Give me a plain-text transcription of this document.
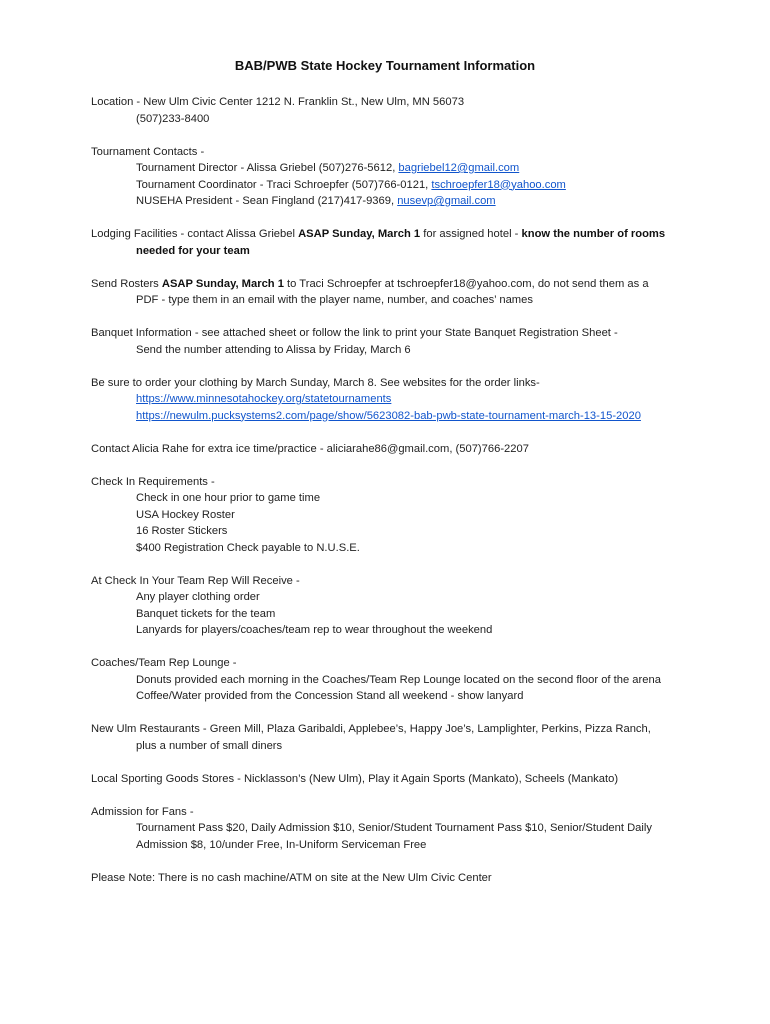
BAB/PWB State Hockey Tournament Information
Location - New Ulm Civic Center 1212 N. Franklin St., New Ulm, MN 56073
(507)233-8400
Tournament Contacts -
Tournament Director - Alissa Griebel (507)276-5612, bagriebel12@gmail.com
Tournament Coordinator - Traci Schroepfer (507)766-0121, tschroepfer18@yahoo.com
NUSEHA President - Sean Fingland (217)417-9369, nusevp@gmail.com
Lodging Facilities - contact Alissa Griebel ASAP Sunday, March 1 for assigned hotel - know the number of rooms
needed for your team
Send Rosters ASAP Sunday, March 1 to Traci Schroepfer at tschroepfer18@yahoo.com, do not send them as a
PDF - type them in an email with the player name, number, and coaches’ names
Banquet Information - see attached sheet or follow the link to print your State Banquet Registration Sheet -
Send the number attending to Alissa by Friday, March 6
Be sure to order your clothing by March Sunday, March 8. See websites for the order links-
https://www.minnesotahockey.org/statetournaments
https://newulm.pucksystems2.com/page/show/5623082-bab-pwb-state-tournament-march-13-15-2020
Contact Alicia Rahe for extra ice time/practice - aliciarahe86@gmail.com, (507)766-2207
Check In Requirements -
Check in one hour prior to game time
USA Hockey Roster
16 Roster Stickers
$400 Registration Check payable to N.U.S.E.
At Check In Your Team Rep Will Receive -
Any player clothing order
Banquet tickets for the team
Lanyards for players/coaches/team rep to wear throughout the weekend
Coaches/Team Rep Lounge -
Donuts provided each morning in the Coaches/Team Rep Lounge located on the second floor of the arena
Coffee/Water provided from the Concession Stand all weekend - show lanyard
New Ulm Restaurants - Green Mill, Plaza Garibaldi, Applebee’s, Happy Joe’s, Lamplighter, Perkins, Pizza Ranch,
plus a number of small diners
Local Sporting Goods Stores - Nicklasson’s (New Ulm), Play it Again Sports (Mankato), Scheels (Mankato)
Admission for Fans -
Tournament Pass $20, Daily Admission $10, Senior/Student Tournament Pass $10, Senior/Student Daily
Admission $8, 10/under Free, In-Uniform Serviceman Free
Please Note: There is no cash machine/ATM on site at the New Ulm Civic Center
